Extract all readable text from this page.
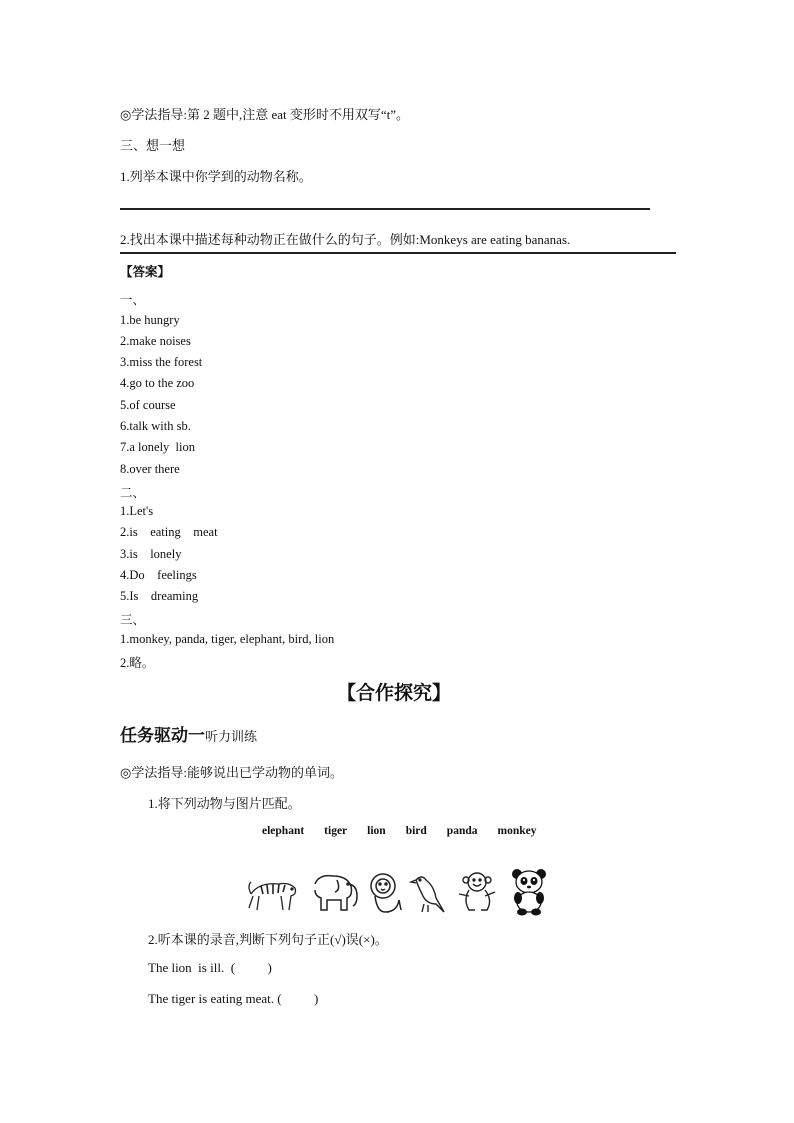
◎学法指导:第 2 题中,注意 eat 变形时不用双写“t”。
三、想一想
1.列举本课中你学到的动物名称。
2.找出本课中描述每种动物正在做什么的句子。例如:Monkeys are eating bananas.
【答案】
一、
1.be hungry
2.make noises
3.miss the forest
4.go to the zoo
5.of course
6.talk with sb.
7.a lonely  lion
8.over there
二、
1.Let's
2.is    eating    meat
3.is    lonely
4.Do    feelings
5.Is    dreaming
三、
1.monkey, panda, tiger, elephant, bird, lion
2.略。
【合作探究】
任务驱动一听力训练
◎学法指导:能够说出已学动物的单词。
1.将下列动物与图片匹配。
elephant tiger lion bird panda monkey
2.听本课的录音,判断下列句子正(√)误(×)。
The lion  is ill.  (          )
The tiger is eating meat. (          )
